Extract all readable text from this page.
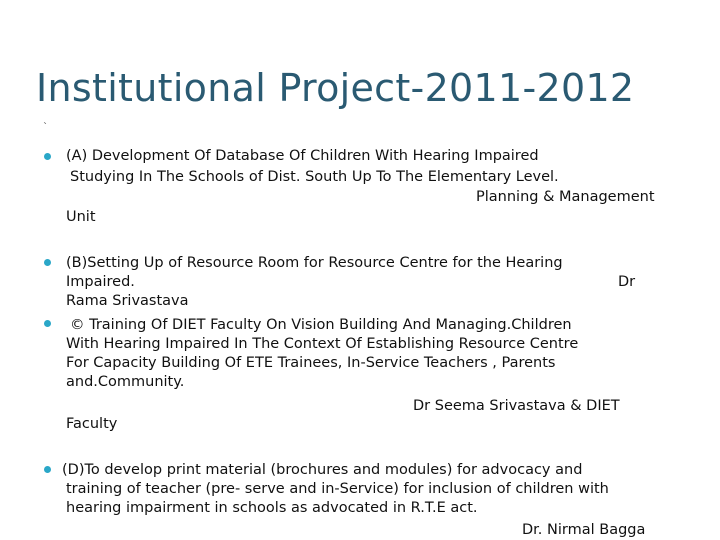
Institutional Project-2011-2012
`
(A) Development Of Database Of Children With Hearing Impaired
Studying In The Schools of Dist. South Up To The Elementary Level.
Planning & Management
Unit
(B)Setting Up of Resource Room for Resource Centre for the Hearing
Impaired.	Dr
Rama Srivastava
© Training Of DIET Faculty On Vision Building And Managing.Children
With Hearing Impaired In The Context Of Establishing Resource Centre
For Capacity Building Of ETE Trainees, In-Service Teachers , Parents
and.Community.
Dr Seema Srivastava & DIET
Faculty
(D)To develop print material (brochures and modules) for advocacy and
training of teacher (pre- serve and in-Service) for inclusion of children with
hearing impairment in schools as advocated in R.T.E act.
Dr. Nirmal Bagga
